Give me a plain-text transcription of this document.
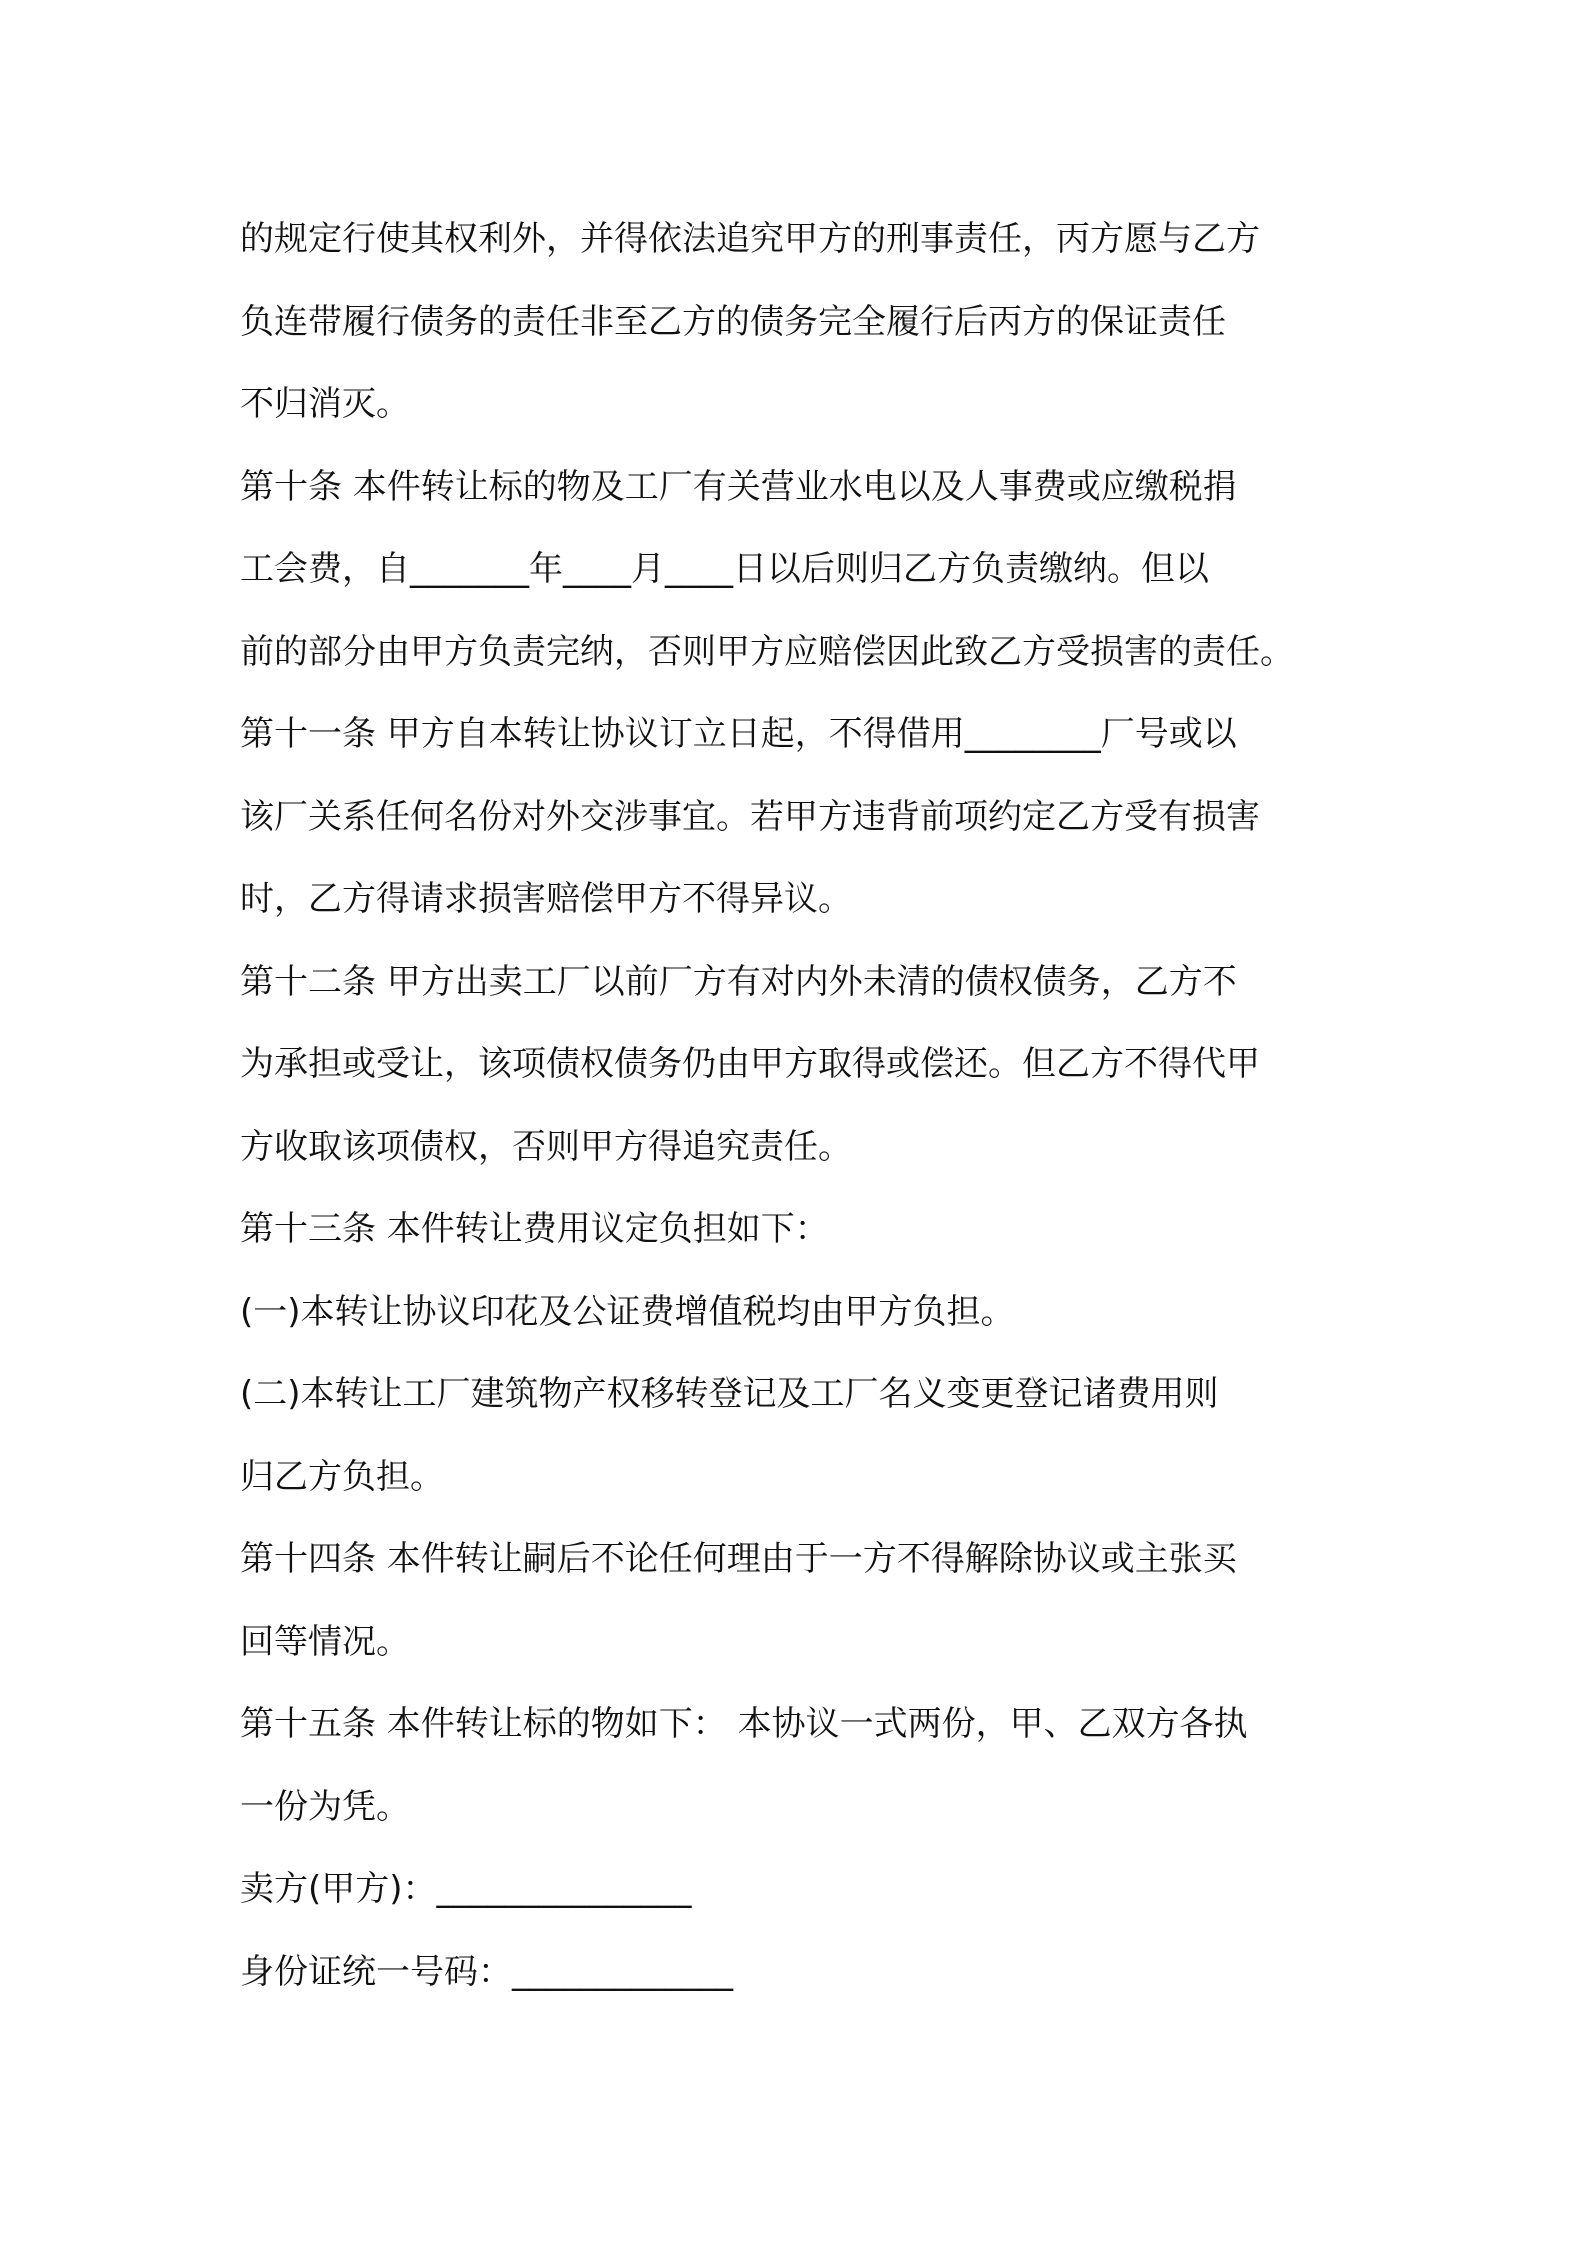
的规定行使其权利外，并得依法追究甲方的刑事责任，丙方愿与乙方
负连带履行债务的责任非至乙方的债务完全履行后丙方的保证责任
不归消灭。
第十条 本件转让标的物及工厂有关营业水电以及人事费或应缴税捐
工会费，自_______年____月____日以后则归乙方负责缴纳。但以
前的部分由甲方负责完纳，否则甲方应赔偿因此致乙方受损害的责任。
第十一条 甲方自本转让协议订立日起，不得借用________厂号或以
该厂关系任何名份对外交涉事宜。若甲方违背前项约定乙方受有损害
时，乙方得请求损害赔偿甲方不得异议。
第十二条 甲方出卖工厂以前厂方有对内外未清的债权债务，乙方不
为承担或受让，该项债权债务仍由甲方取得或偿还。但乙方不得代甲
方收取该项债权，否则甲方得追究责任。
第十三条 本件转让费用议定负担如下：
(一)本转让协议印花及公证费增值税均由甲方负担。
(二)本转让工厂建筑物产权移转登记及工厂名义变更登记诸费用则
归乙方负担。
第十四条 本件转让嗣后不论任何理由于一方不得解除协议或主张买
回等情况。
第十五条 本件转让标的物如下： 本协议一式两份，甲、乙双方各执
一份为凭。
卖方(甲方)：_______________
身份证统一号码：_____________
